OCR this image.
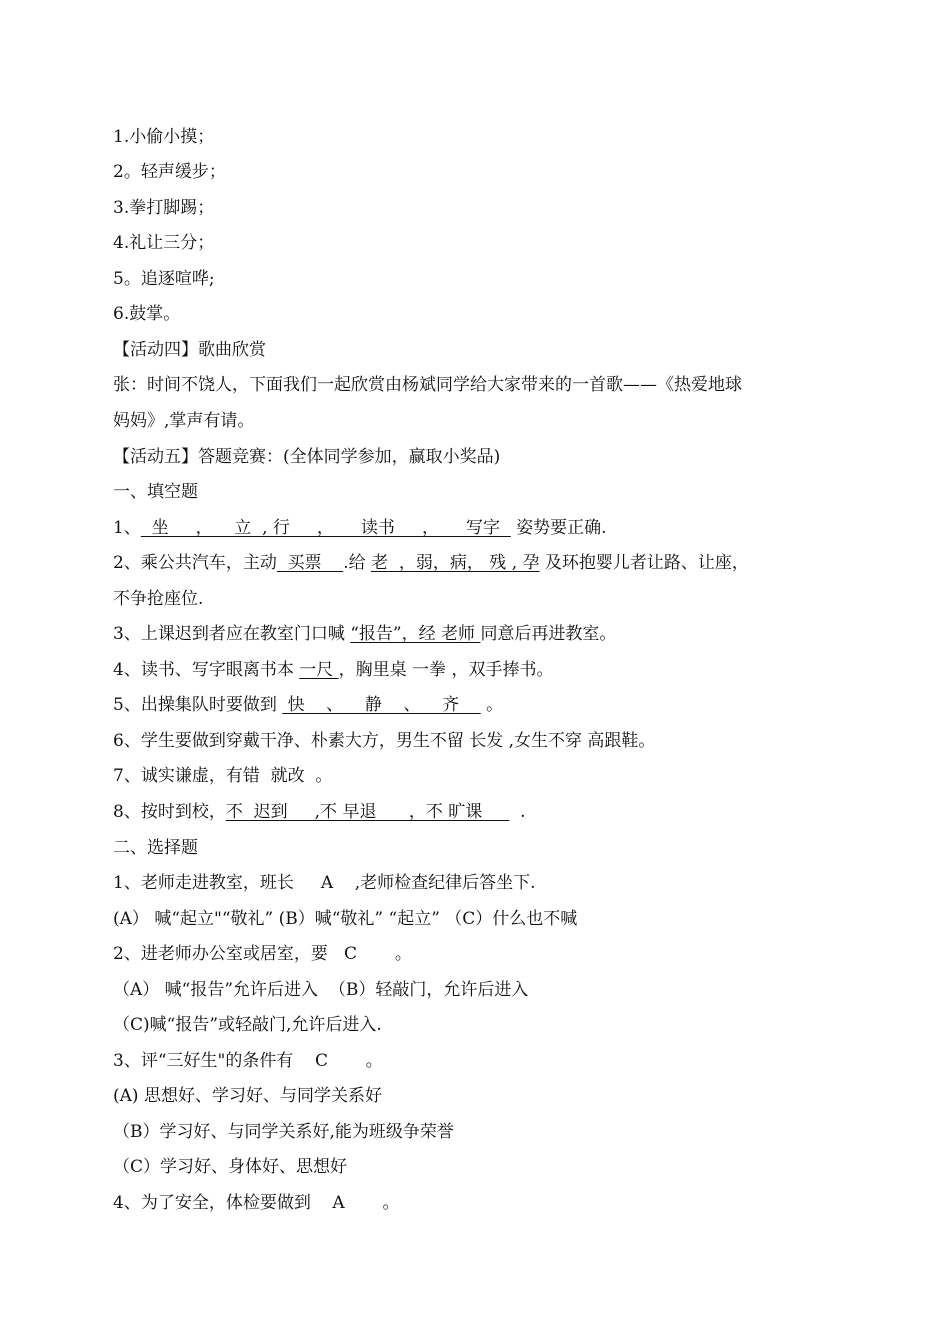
1.小偷小摸；
2。轻声缓步；
3.拳打脚踢；
4.礼让三分；
5。追逐喧哗;
6.鼓掌。
【活动四】歌曲欣赏
张：时间不饶人，下面我们一起欣赏由杨斌同学给大家带来的一首歌——《热爱地球
妈妈》,掌声有请。
【活动五】答题竞赛：(全体同学参加，赢取小奖品)
一、填空题
1、  坐     ，    立  , 行     ，     读书     ，     写字   姿势要正确.
2、乘公共汽车，主动  买票    .给 老  ，弱，病， 残 , 孕 及环抱婴儿者让路、让座，
不争抢座位.
3、上课迟到者应在教室门口喊 “报告”，经 老师 同意后再进教室。
4、读书、写字眼离书本 一尺 ，胸里桌 一拳 ，双手捧书。
5、出操集队时要做到  快    、    静    、    齐     。
6、学生要做到穿戴干净、朴素大方，男生不留 长发 ,女生不穿 高跟鞋。
7、诚实谦虚，有错  就改  。
8、按时到校，不  迟到     ,不 早退      ，不 旷课       .
二、选择题
1、老师走进教室，班长     A    ,老师检查纪律后答坐下.
(A） 喊“起立"“敬礼” (B）喊“敬礼” “起立” （C）什么也不喊
2、进老师办公室或居室，要   C       。
（A） 喊“报告”允许后进入  （B）轻敲门，允许后进入
（C)喊“报告”或轻敲门,允许后进入.
3、评“三好生"的条件有    C       。
(A) 思想好、学习好、与同学关系好
（B）学习好、与同学关系好,能为班级争荣誉
（C）学习好、身体好、思想好
4、为了安全，体检要做到    A       。
